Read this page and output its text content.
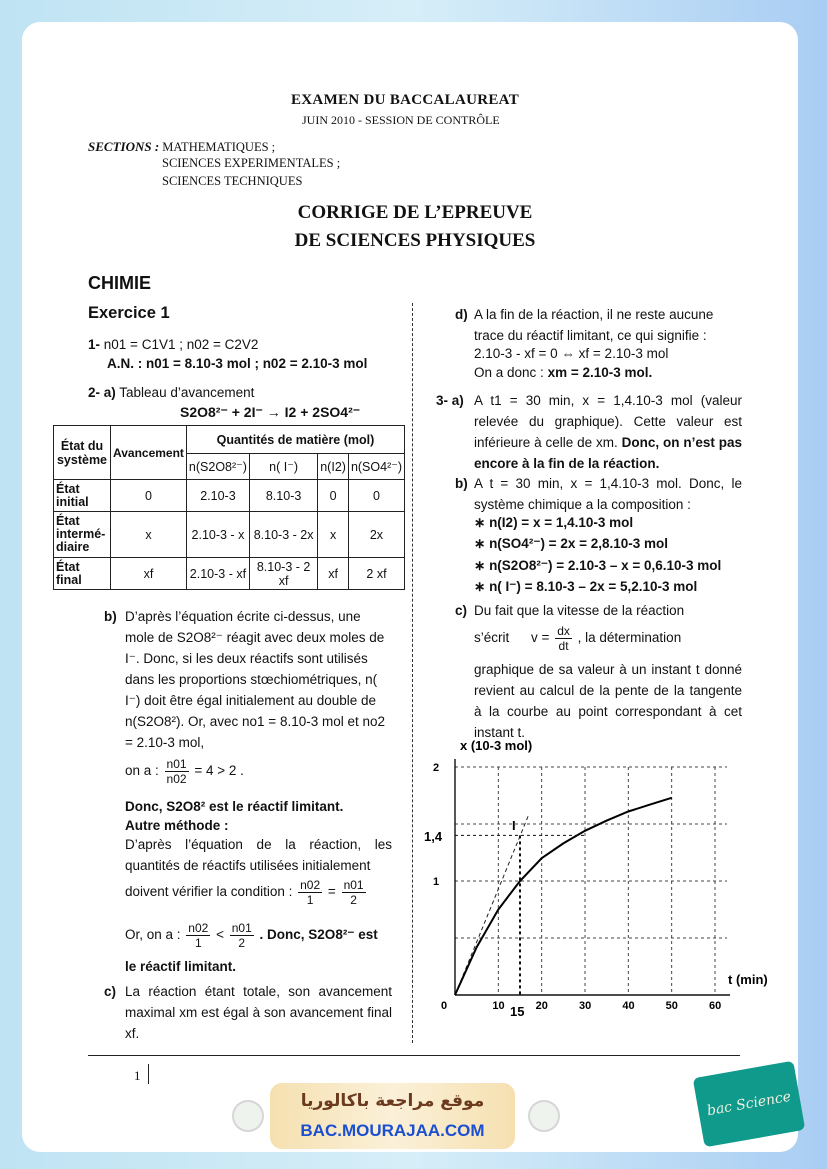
EXAMEN DU BACCALAUREAT
JUIN 2010 - SESSION DE CONTRÔLE
SECTIONS : MATHEMATIQUES ;
SCIENCES EXPERIMENTALES ;
SCIENCES TECHNIQUES
CORRIGE DE L’EPREUVE
DE SCIENCES PHYSIQUES
CHIMIE
Exercice 1
1- n01 = C1V1 ; n02 = C2V2
A.N. : n01 = 8.10-3 mol ; n02 = 2.10-3 mol
2- a) Tableau d’avancement
S2O8²⁻ + 2I⁻ → I2 + 2SO4²⁻
État du système	Avancement	Quantités de matière (mol)			
		n(S2O8²⁻)	n( I⁻)	n(I2)	n(SO4²⁻)
État initial	0	2.10-3	8.10-3	0	0
État intermé-diaire	x	2.10-3 - x	8.10-3 - 2x	x	2x
État final	xf	2.10-3 - xf	8.10-3 - 2 xf	xf	2 xf
b) D’après l’équation écrite ci-dessus, une mole de S2O8²⁻ réagit avec deux moles de I⁻. Donc, si les deux réactifs sont utilisés dans les proportions stœchiométriques, n( I⁻) doit être égal initialement au double de n(S2O8²). Or, avec no1 = 8.10-3 mol et no2 = 2.10-3 mol,
on a : $\frac{n01}{n02} = 4 > 2$ .
Donc, S2O8² est le réactif limitant.
Autre méthode :
D’après l’équation de la réaction, les quantités de réactifs utilisées initialement
doivent vérifier la condition : $\frac{n02}{1} = \frac{n01}{2}$
Or, on a : $\frac{n02}{1} < \frac{n01}{2}$ . Donc, S2O8²⁻ est
le réactif limitant.
c) La réaction étant totale, son avancement maximal xm est égal à son avancement final xf.
d) A la fin de la réaction, il ne reste aucune trace du réactif limitant, ce qui signifie :
2.10-3 - xf = 0 ⇔ xf = 2.10-3 mol
On a donc : xm = 2.10-3 mol.
3- a) A t1 = 30 min, x = 1,4.10-3 mol (valeur relevée du graphique). Cette valeur est inférieure à celle de xm. Donc, on n’est pas encore à la fin de la réaction.
b) A t = 30 min, x = 1,4.10-3 mol. Donc, le système chimique a la composition :
∗ n(I2) = x = 1,4.10-3 mol
∗ n(SO4²⁻) = 2x = 2,8.10-3 mol
∗ n(S2O8²⁻) = 2.10-3 – x = 0,6.10-3 mol
∗ n( I⁻) = 8.10-3 – 2x = 5,2.10-3 mol
c) Du fait que la vitesse de la réaction
s’écrit $v = \frac{dx}{dt}$ , la détermination
graphique de sa valeur à un instant t donné revient au calcul de la pente de la tangente à la courbe au point correspondant à cet instant t.
0	10	20	30	40	50	60
1
2
x (10-3 mol)
t (min)
1,4
15
I
1
موقع مراجعة باكالوريا
BAC.MOURAJAA.COM
bac Science
